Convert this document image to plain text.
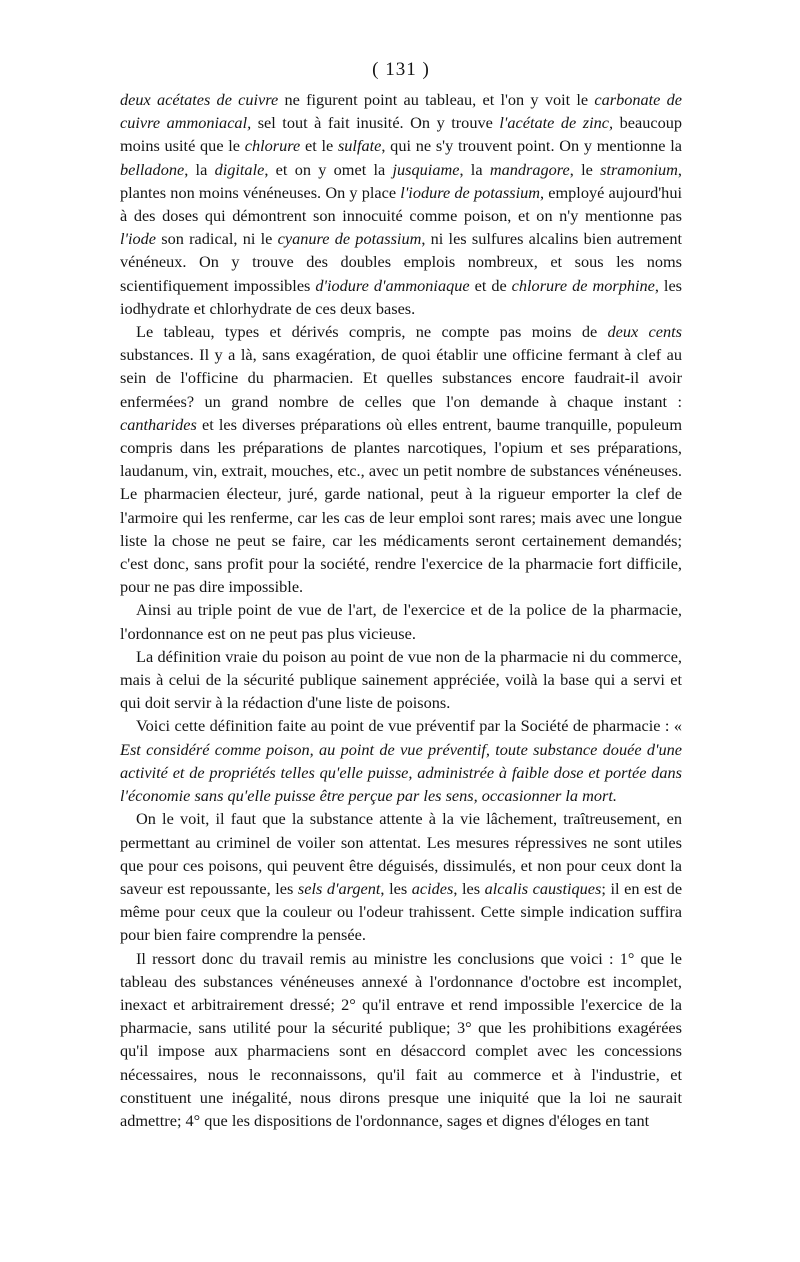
( 131 )

deux acétates de cuivre ne figurent point au tableau, et l'on y voit le carbonate de cuivre ammoniacal, sel tout à fait inusité. On y trouve l'acétate de zinc, beaucoup moins usité que le chlorure et le sulfate, qui ne s'y trouvent point. On y mentionne la belladone, la digitale, et on y omet la jusquiame, la mandragore, le stramonium, plantes non moins vénéneuses. On y place l'iodure de potassium, employé aujourd'hui à des doses qui démontrent son innocuité comme poison, et on n'y mentionne pas l'iode son radical, ni le cyanure de potassium, ni les sulfures alcalins bien autrement vénéneux. On y trouve des doubles emplois nombreux, et sous les noms scientifiquement impossibles d'iodure d'ammoniaque et de chlorure de morphine, les iodhydrate et chlorhydrate de ces deux bases.

Le tableau, types et dérivés compris, ne compte pas moins de deux cents substances. Il y a là, sans exagération, de quoi établir une officine fermant à clef au sein de l'officine du pharmacien. Et quelles substances encore faudrait-il avoir enfermées? un grand nombre de celles que l'on demande à chaque instant : cantharides et les diverses préparations où elles entrent, baume tranquille, populeum compris dans les préparations de plantes narcotiques, l'opium et ses préparations, laudanum, vin, extrait, mouches, etc., avec un petit nombre de substances vénéneuses. Le pharmacien électeur, juré, garde national, peut à la rigueur emporter la clef de l'armoire qui les renferme, car les cas de leur emploi sont rares; mais avec une longue liste la chose ne peut se faire, car les médicaments seront certainement demandés; c'est donc, sans profit pour la société, rendre l'exercice de la pharmacie fort difficile, pour ne pas dire impossible.

Ainsi au triple point de vue de l'art, de l'exercice et de la police de la pharmacie, l'ordonnance est on ne peut pas plus vicieuse.

La définition vraie du poison au point de vue non de la pharmacie ni du commerce, mais à celui de la sécurité publique sainement appréciée, voilà la base qui a servi et qui doit servir à la rédaction d'une liste de poisons.

Voici cette définition faite au point de vue préventif par la Société de pharmacie : « Est considéré comme poison, au point de vue préventif, toute substance douée d'une activité et de propriétés telles qu'elle puisse, administrée à faible dose et portée dans l'économie sans qu'elle puisse être perçue par les sens, occasionner la mort.

On le voit, il faut que la substance attente à la vie lâchement, traîtreusement, en permettant au criminel de voiler son attentat. Les mesures répressives ne sont utiles que pour ces poisons, qui peuvent être déguisés, dissimulés, et non pour ceux dont la saveur est repoussante, les sels d'argent, les acides, les alcalis caustiques; il en est de même pour ceux que la couleur ou l'odeur trahissent. Cette simple indication suffira pour bien faire comprendre la pensée.

Il ressort donc du travail remis au ministre les conclusions que voici : 1° que le tableau des substances vénéneuses annexé à l'ordonnance d'octobre est incomplet, inexact et arbitrairement dressé; 2° qu'il entrave et rend impossible l'exercice de la pharmacie, sans utilité pour la sécurité publique; 3° que les prohibitions exagérées qu'il impose aux pharmaciens sont en désaccord complet avec les concessions nécessaires, nous le reconnaissons, qu'il fait au commerce et à l'industrie, et constituent une inégalité, nous dirons presque une iniquité que la loi ne saurait admettre; 4° que les dispositions de l'ordonnance, sages et dignes d'éloges en tant
